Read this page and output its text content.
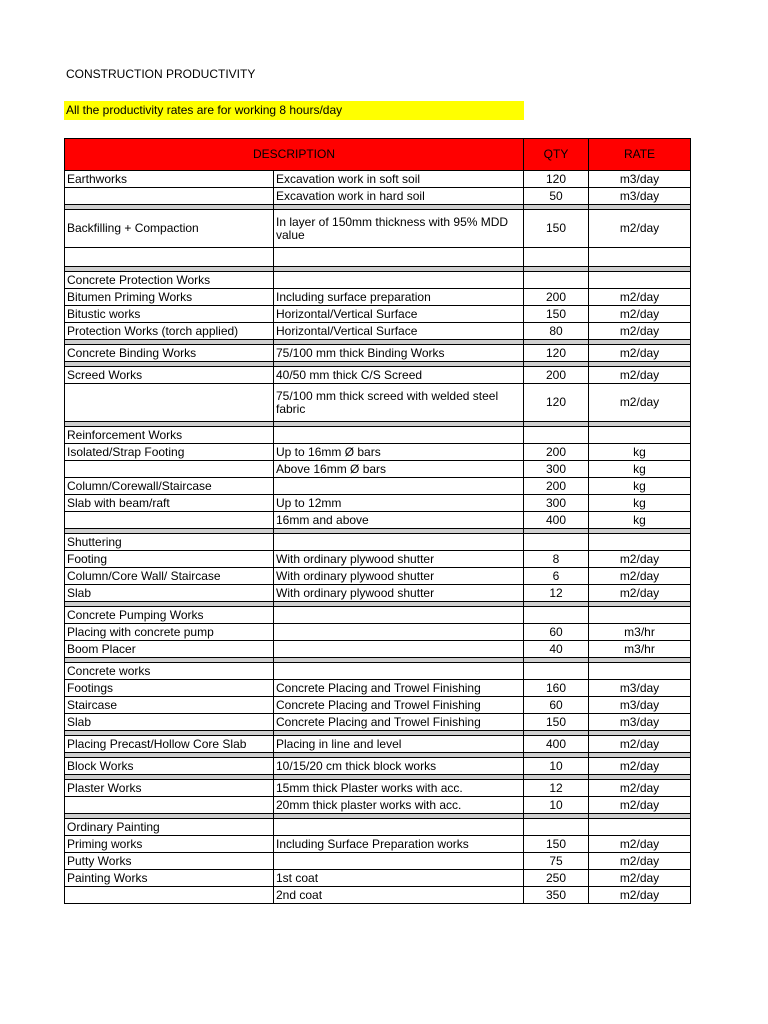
CONSTRUCTION PRODUCTIVITY
All the productivity rates are for working 8 hours/day
DESCRIPTION		QTY	RATE
Earthworks	Excavation work in soft soil	120	m3/day
	Excavation work in hard soil	50	m3/day

Backfilling + Compaction	In layer of 150mm thickness with 95% MDD value	150	m2/day

Concrete Protection Works			
Bitumen Priming Works	Including surface preparation	200	m2/day
Bitustic works	Horizontal/Vertical Surface	150	m2/day
Protection Works (torch applied)	Horizontal/Vertical Surface	80	m2/day

Concrete Binding Works	75/100 mm thick Binding Works	120	m2/day

Screed Works	40/50 mm thick C/S Screed	200	m2/day
	75/100 mm thick screed with welded steel fabric	120	m2/day

Reinforcement Works			
Isolated/Strap Footing	Up to 16mm Ø bars	200	kg
	Above 16mm Ø bars	300	kg
Column/Corewall/Staircase		200	kg
Slab with beam/raft	Up to 12mm	300	kg
	16mm and above	400	kg

Shuttering			
Footing	With ordinary plywood shutter	8	m2/day
Column/Core Wall/ Staircase	With ordinary plywood shutter	6	m2/day
Slab	With ordinary plywood shutter	12	m2/day

Concrete Pumping Works			
Placing with concrete pump		60	m3/hr
Boom Placer		40	m3/hr

Concrete works			
Footings	Concrete Placing and Trowel Finishing	160	m3/day
Staircase	Concrete Placing and Trowel Finishing	60	m3/day
Slab	Concrete Placing and Trowel Finishing	150	m3/day

Placing Precast/Hollow Core Slab	Placing in line and level	400	m2/day

Block Works	10/15/20 cm thick block works	10	m2/day

Plaster Works	15mm thick Plaster works with acc.	12	m2/day
	20mm thick plaster works with acc.	10	m2/day

Ordinary Painting			
Priming works	Including Surface Preparation works	150	m2/day
Putty Works		75	m2/day
Painting Works	1st coat	250	m2/day
	2nd coat	350	m2/day
